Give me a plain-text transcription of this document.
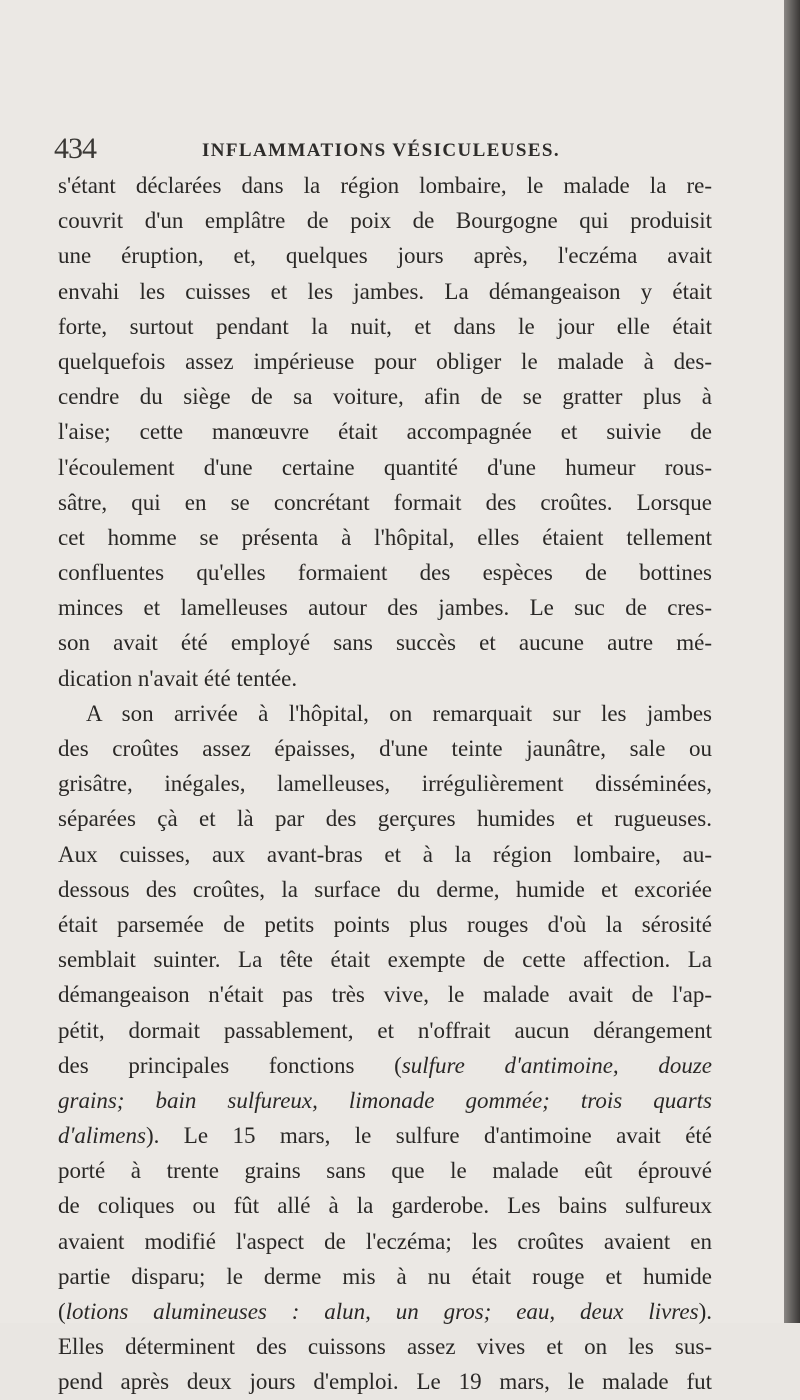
434	INFLAMMATIONS VÉSICULEUSES.
s'étant déclarées dans la région lombaire, le malade la re-
couvrit d'un emplâtre de poix de Bourgogne qui produisit
une éruption, et, quelques jours après, l'eczéma avait
envahi les cuisses et les jambes. La démangeaison y était
forte, surtout pendant la nuit, et dans le jour elle était
quelquefois assez impérieuse pour obliger le malade à des-
cendre du siège de sa voiture, afin de se gratter plus à
l'aise; cette manœuvre était accompagnée et suivie de
l'écoulement d'une certaine quantité d'une humeur rous-
sâtre, qui en se concrétant formait des croûtes. Lorsque
cet homme se présenta à l'hôpital, elles étaient tellement
confluentes qu'elles formaient des espèces de bottines
minces et lamelleuses autour des jambes. Le suc de cres-
son avait été employé sans succès et aucune autre mé-
dication n'avait été tentée.
A son arrivée à l'hôpital, on remarquait sur les jambes
des croûtes assez épaisses, d'une teinte jaunâtre, sale ou
grisâtre, inégales, lamelleuses, irrégulièrement disséminées,
séparées çà et là par des gerçures humides et rugueuses.
Aux cuisses, aux avant-bras et à la région lombaire, au-
dessous des croûtes, la surface du derme, humide et excoriée
était parsemée de petits points plus rouges d'où la sérosité
semblait suinter. La tête était exempte de cette affection. La
démangeaison n'était pas très vive, le malade avait de l'ap-
pétit, dormait passablement, et n'offrait aucun dérangement
des principales fonctions (sulfure d'antimoine, douze
grains; bain sulfureux, limonade gommée; trois quarts
d'alimens). Le 15 mars, le sulfure d'antimoine avait été
porté à trente grains sans que le malade eût éprouvé
de coliques ou fût allé à la garderobe. Les bains sulfureux
avaient modifié l'aspect de l'eczéma; les croûtes avaient en
partie disparu; le derme mis à nu était rouge et humide
(lotions alumineuses : alun, un gros; eau, deux livres).
Elles déterminent des cuissons assez vives et on les sus-
pend après deux jours d'emploi. Le 19 mars, le malade fut
